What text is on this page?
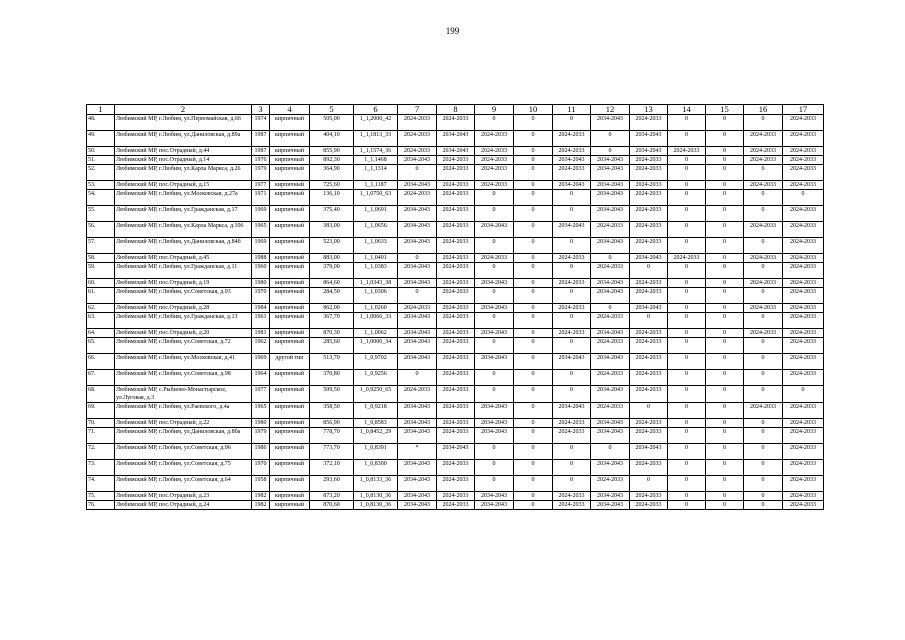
199
1	2	3	4	5	6	7	8	9	10	11	12	13	14	15	16	17
48.	Любимский МР, г.Любим, ул.Первомайская, д.66	1974	кирпичный	505,00	1_1,2000_42	2024-2033	2024-2033	0	0	0	2034-2043	2024-2033	0	0	0	2024-2033
49.	Любимский МР, г.Любим, ул.Даниловская, д.89а	1987	кирпичный	404,10	1_1,1813_33	2024-2033	2034-2043	2024-2033	0	2024-2033	0	2034-2043	0	0	2024-2033	2024-2033
50.	Любимский МР, пос.Отрадный, д.44	1987	кирпичный	855,90	1_1,1574_36	2024-2033	2034-2043	2024-2033	0	2024-2033	0	2034-2043	2024-2033	0	2024-2033	2024-2033
51.	Любимский МР, пос.Отрадный, д.14	1976	кирпичный	892,30	1_1,1468	2034-2043	2024-2033	2024-2033	0	2034-2043	2034-2043	2024-2033	0	0	2024-2033	2024-2033
52.	Любимский МР, г.Любим, ул.Карла Маркса, д.26	1979	кирпичный	364,90	1_1,1314	0	2024-2033	2024-2033	0	2024-2033	2034-2043	2024-2033	0	0	0	2024-2033
53.	Любимский МР, пос.Отрадный, д.15	1977	кирпичный	725,60	1_1,1187	2034-2043	2024-2033	2024-2033	0	2034-2043	2034-2043	2024-2033	0	0	2024-2033	2024-2033
54.	Любимский МР, г.Любим, ул.Московская, д.27а	1971	кирпичный	136,10	1_1,0750_63	2024-2033	2024-2033	0	0	0	2034-2043	2024-2033	0	0	0	0
55.	Любимский МР, г.Любим, ул.Гражданская, д.17	1969	кирпичный	375,40	1_1,0691	2034-2043	2024-2033	0	0	0	2034-2043	2024-2033	0	0	0	2024-2033
56.	Любимский МР, г.Любим, ул.Карла Маркса, д.106	1965	кирпичный	383,00	1_1,0656	2034-2043	2024-2033	2034-2043	0	2034-2043	2024-2033	2024-2033	0	0	2024-2033	2024-2033
57.	Любимский МР, г.Любим, ул.Даниловская, д.84б	1969	кирпичный	523,00	1_1,0633	2034-2043	2024-2033	0	0	0	2034-2043	2024-2033	0	0	0	2024-2033
58.	Любимский МР, пос.Отрадный, д.45	1988	кирпичный	883,00	1_1,0401	0	2024-2033	2024-2033	0	2024-2033	0	2034-2043	2024-2033	0	2024-2033	2024-2033
59.	Любимский МР, г.Любим, ул.Гражданская, д.11	1960	кирпичный	379,00	1_1,0383	2034-2043	2024-2033	0	0	0	2024-2033	0	0	0	0	2024-2033
60.	Любимский МР, пос.Отрадный, д.19	1980	кирпичный	864,60	1_1,0343_38	2034-2043	2024-2033	2034-2043	0	2024-2033	2034-2043	2024-2033	0	0	2024-2033	2024-2033
61.	Любимский МР, г.Любим, ул.Советская, д.93	1970	кирпичный	284,50	1_1,0306	0	2024-2033	0	0	0	2034-2043	2024-2033	0	0	0	2024-2033
62.	Любимский МР, пос.Отрадный, д.28	1984	кирпичный	862,00	1_1,0260	2024-2033	2024-2033	2034-2043	0	2024-2033	0	2034-2043	0	0	2024-2033	2024-2033
63.	Любимский МР, г.Любим, ул.Гражданская, д.13	1961	кирпичный	367,70	1_1,0066_33	2034-2043	2024-2033	0	0	0	2024-2033	0	0	0	0	2024-2033
64.	Любимский МР, пос.Отрадный, д.20	1981	кирпичный	870,30	1_1,0062	2034-2043	2024-2033	2034-2043	0	2024-2033	2034-2043	2024-2033	0	0	2024-2033	2024-2033
65.	Любимский МР, г.Любим, ул.Советская, д.72	1962	кирпичный	285,60	1_1,0000_34	2034-2043	2024-2033	0	0	0	2024-2033	2024-2033	0	0	0	2024-2033
66.	Любимский МР, г.Любим, ул.Московская, д.41	1969	другой тип	513,70	1_0,9702	2034-2043	2024-2033	2034-2043	0	2034-2043	2034-2043	2024-2033	0	0	0	2024-2033
67.	Любимский МР, г.Любим, ул.Советская, д.98	1964	кирпичный	370,80	1_0,9256	0	2024-2033	0	0	0	2024-2033	2024-2033	0	0	0	2024-2033
68.	Любимский МР, с.Рыбново-Монастырское, ул.Луговая, д.3	1977	кирпичный	509,50	1_0,9250_65	2024-2033	2024-2033	0	0	0	2034-2043	2024-2033	0	0	0	0
69.	Любимский МР, г.Любим, ул.Раевского, д.4а	1965	кирпичный	358,50	1_0,9218	2034-2043	2024-2033	2034-2043	0	2034-2043	2024-2033	0	0	0	2024-2033	2024-2033
70.	Любимский МР, пос.Отрадный, д.22	1980	кирпичный	856,90	1_0,8583	2034-2043	2024-2033	2034-2043	0	2024-2033	2034-2043	2024-2033	0	0	0	2024-2033
71.	Любимский МР, г.Любим, ул.Даниловская, д.80а	1979	кирпичный	778,70	1_0,8452_29	2034-2043	2024-2033	2034-2043	0	2024-2033	2034-2043	2024-2033	0	0	0	2024-2033
72.	Любимский МР, г.Любим, ул.Советская, д.96	1986	кирпичный	773,70	1_0,8391	*	2034-2043	0	0	0	0	2034-2043	0	0	0	2024-2033
73.	Любимский МР, г.Любим, ул.Советская, д.75	1970	кирпичный	372,10	1_0,8300	2034-2043	2024-2033	0	0	0	2034-2043	2024-2033	0	0	0	2024-2033
74.	Любимский МР, г.Любим, ул.Советская, д.64	1958	кирпичный	293,60	1_0,8133_36	2034-2043	2024-2033	0	0	0	2024-2033	0	0	0	0	2024-2033
75.	Любимский МР, пос.Отрадный, д.23	1982	кирпичный	873,20	1_0,8130_36	2034-2043	2024-2033	2034-2043	0	2024-2033	2034-2043	2024-2033	0	0	0	2024-2033
76.	Любимский МР, пос.Отрадный, д.24	1982	кирпичный	870,60	1_0,8130_36	2034-2043	2024-2033	2034-2043	0	2024-2033	2034-2043	2024-2033	0	0	0	2024-2033
